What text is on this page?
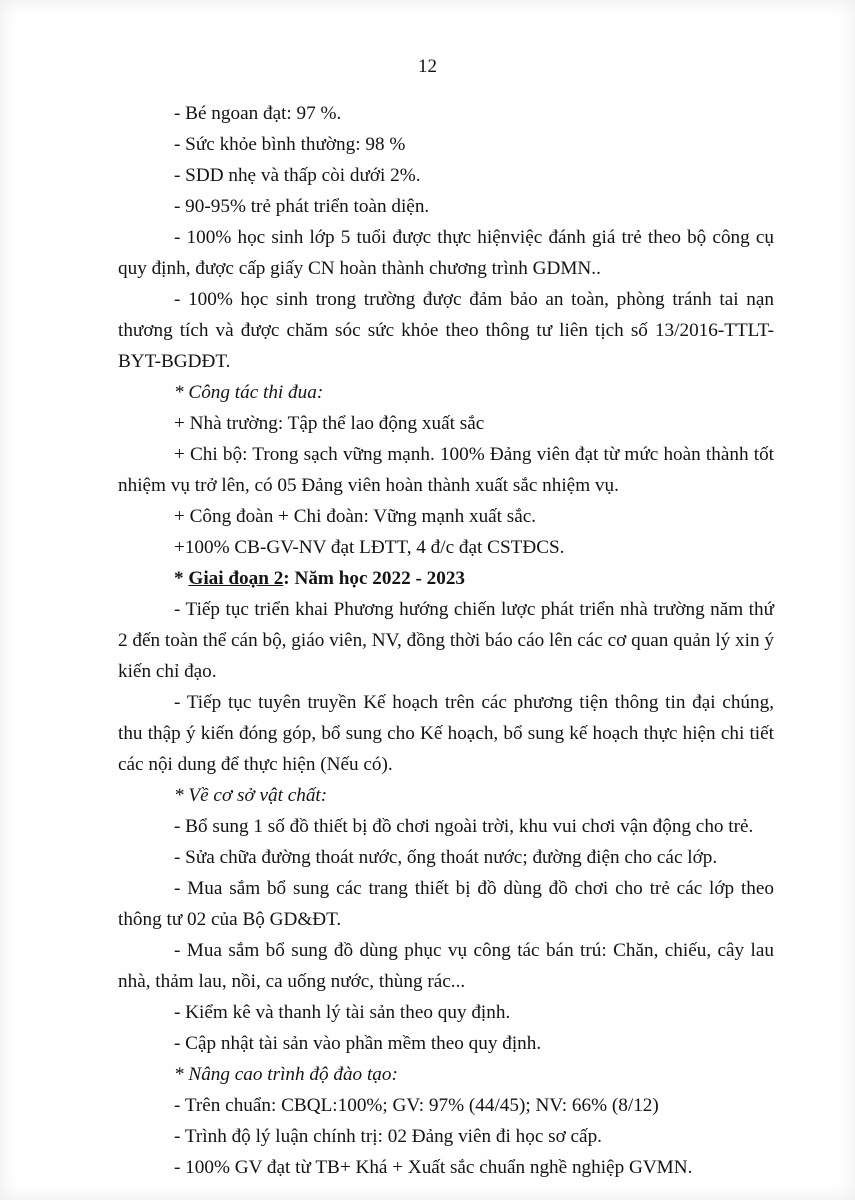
12

- Bé ngoan đạt: 97 %.

- Sức khỏe bình thường: 98 %

- SDD nhẹ và thấp còi dưới 2%.

- 90-95% trẻ phát triển toàn diện.

- 100% học sinh lớp 5 tuổi được thực hiệnviệc đánh giá trẻ theo bộ công cụ quy định, được cấp giấy CN hoàn thành chương trình GDMN..

- 100% học sinh trong trường được đảm bảo an toàn, phòng tránh tai nạn thương tích và được chăm sóc sức khỏe theo thông tư liên tịch số 13/2016-TTLT-BYT-BGDĐT.

* Công tác thi đua:

+ Nhà trường: Tập thể lao động xuất sắc

+ Chi bộ: Trong sạch vững mạnh. 100% Đảng viên đạt từ mức hoàn thành tốt nhiệm vụ trở lên, có 05 Đảng viên hoàn thành xuất sắc nhiệm vụ.

+ Công đoàn + Chi đoàn: Vững mạnh xuất sắc.

+100% CB-GV-NV đạt LĐTT, 4 đ/c đạt CSTĐCS.

* Giai đoạn 2: Năm học 2022 - 2023

- Tiếp tục triển khai Phương hướng chiến lược phát triển nhà trường năm thứ 2 đến toàn thể cán bộ, giáo viên, NV, đồng thời báo cáo lên các cơ quan quản lý xin ý kiến chỉ đạo.

- Tiếp tục tuyên truyền Kế hoạch trên các phương tiện thông tin đại chúng, thu thập ý kiến đóng góp, bổ sung cho Kế hoạch, bổ sung kế hoạch thực hiện chi tiết các nội dung để thực hiện (Nếu có).

* Về cơ sở vật chất:

- Bổ sung 1 số đồ thiết bị đồ chơi ngoài trời, khu vui chơi vận động cho trẻ.

- Sửa chữa đường thoát nước, ống thoát nước; đường điện cho các lớp.

- Mua sắm bổ sung các trang thiết bị đồ dùng đồ chơi cho trẻ các lớp theo thông tư 02 của Bộ GD&ĐT.

- Mua sắm bổ sung đồ dùng phục vụ công tác bán trú: Chăn, chiếu, cây lau nhà, thảm lau, nồi, ca uống nước, thùng rác...

- Kiểm kê và thanh lý tài sản theo quy định.

- Cập nhật tài sản vào phần mềm theo quy định.

* Nâng cao trình độ đào tạo:

- Trên chuẩn: CBQL:100%; GV: 97% (44/45); NV: 66% (8/12)

- Trình độ lý luận chính trị: 02 Đảng viên đi học sơ cấp.

- 100% GV đạt từ TB+ Khá + Xuất sắc chuẩn nghề nghiệp GVMN.
